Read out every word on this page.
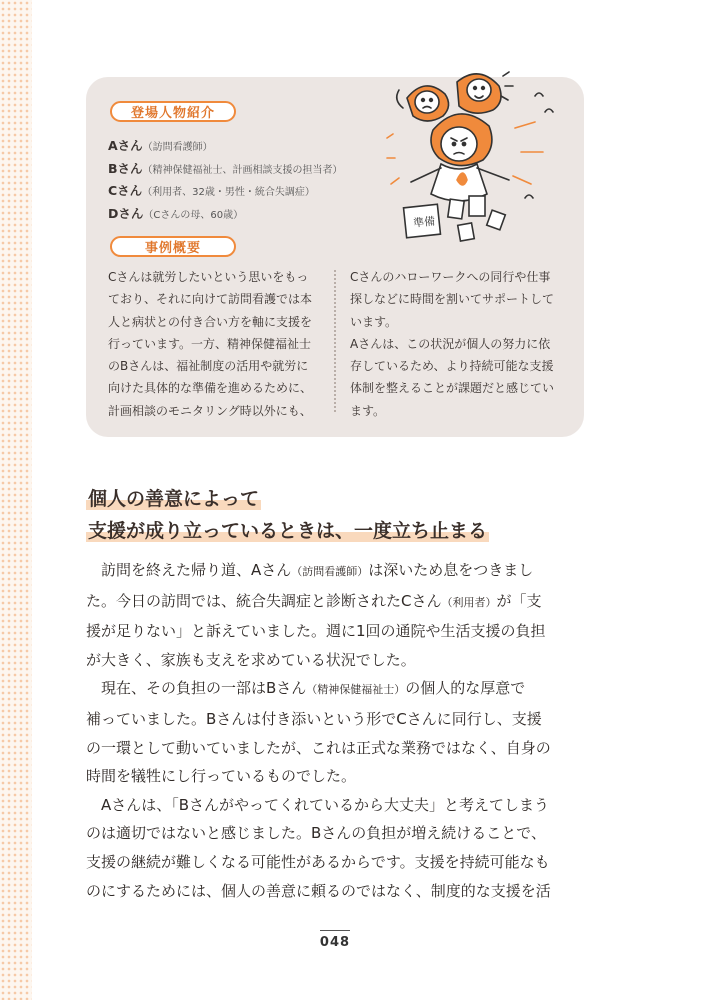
登場人物紹介
Aさん（訪問看護師）
Bさん（精神保健福祉士、計画相談支援の担当者）
Cさん（利用者、32歳・男性・統合失調症）
Dさん（Cさんの母、60歳）	準備
事例概要
Cさんは就労したいという思いをもっ
ており、それに向けて訪問看護では本
人と病状との付き合い方を軸に支援を
行っています。一方、精神保健福祉士
のBさんは、福祉制度の活用や就労に
向けた具体的な準備を進めるために、
計画相談のモニタリング時以外にも、
Cさんのハローワークへの同行や仕事
探しなどに時間を割いてサポートして
います。
Aさんは、この状況が個人の努力に依
存しているため、より持続可能な支援
体制を整えることが課題だと感じてい
ます。
個人の善意によって
支援が成り立っているときは、一度立ち止まる
　訪問を終えた帰り道、Aさん（訪問看護師）は深いため息をつきまし
た。今日の訪問では、統合失調症と診断されたCさん（利用者）が「支
援が足りない」と訴えていました。週に1回の通院や生活支援の負担
が大きく、家族も支えを求めている状況でした。
　現在、その負担の一部はBさん（精神保健福祉士）の個人的な厚意で
補っていました。Bさんは付き添いという形でCさんに同行し、支援
の一環として動いていましたが、これは正式な業務ではなく、自身の
時間を犠牲にし行っているものでした。
　Aさんは、「Bさんがやってくれているから大丈夫」と考えてしまう
のは適切ではないと感じました。Bさんの負担が増え続けることで、
支援の継続が難しくなる可能性があるからです。支援を持続可能なも
のにするためには、個人の善意に頼るのではなく、制度的な支援を活
048
